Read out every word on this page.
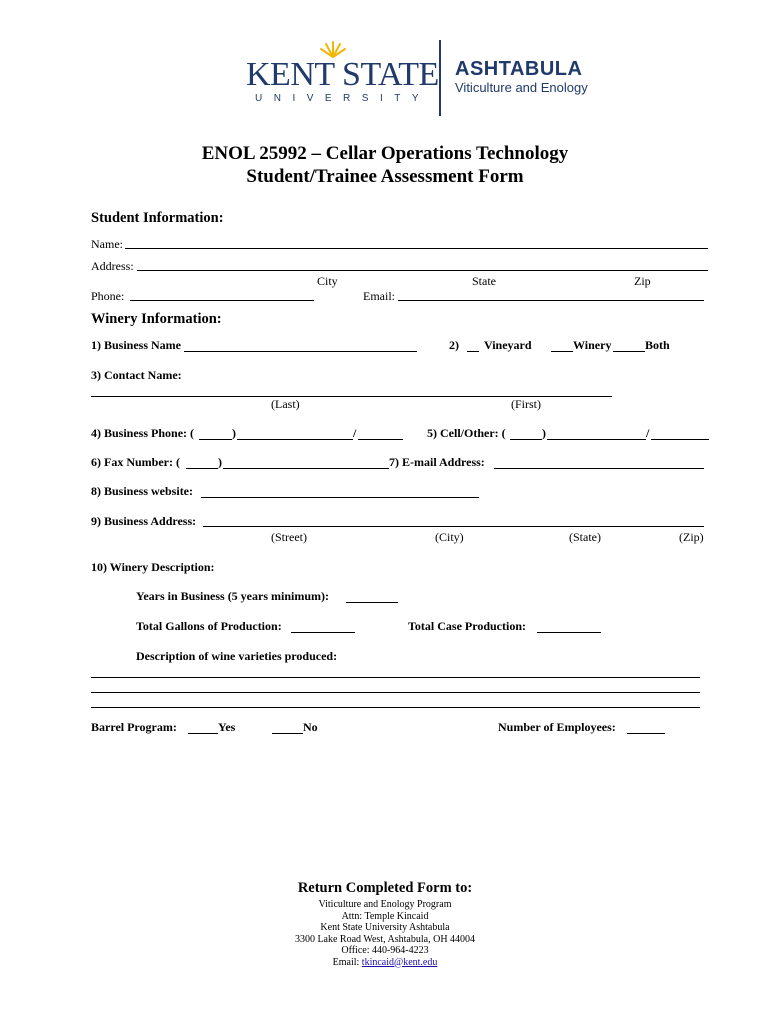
KENT STATE
UNIVERSITY
ASHTABULA
Viticulture and Enology
ENOL 25992 – Cellar Operations Technology
Student/Trainee Assessment Form
Student Information:
Name:
Address:
City	State	Zip
Phone:	Email:
Winery Information:
1) Business Name	2) Vineyard	Winery	Both
3) Contact Name:
(Last)	(First)
4) Business Phone: (	)	/	5) Cell/Other: (	)	/
6) Fax Number: (	)	7) E-mail Address:
8) Business website:
9) Business Address:
(Street)	(City)	(State)	(Zip)
10) Winery Description:
Years in Business (5 years minimum):
Total Gallons of Production:	Total Case Production:
Description of wine varieties produced:
Barrel Program:	Yes	No	Number of Employees:
Return Completed Form to:
Viticulture and Enology Program
Attn: Temple Kincaid
Kent State University Ashtabula
3300 Lake Road West, Ashtabula, OH 44004
Office: 440-964-4223
Email: tkincaid@kent.edu
